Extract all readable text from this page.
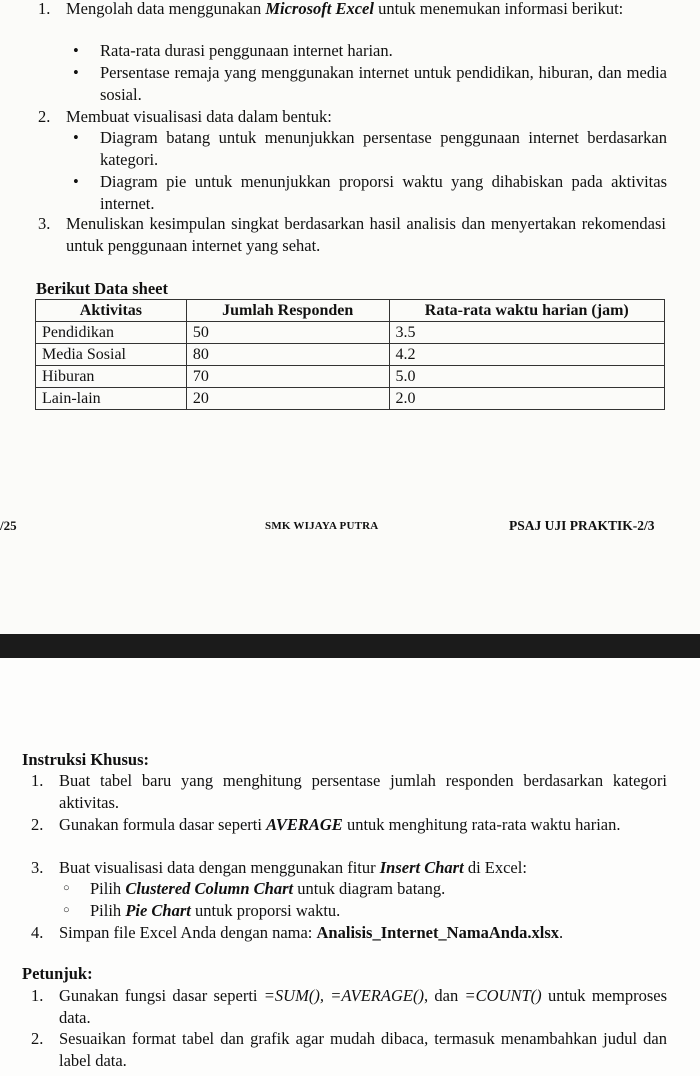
1. Mengolah data menggunakan Microsoft Excel untuk menemukan informasi berikut:
• Rata-rata durasi penggunaan internet harian.
• Persentase remaja yang menggunakan internet untuk pendidikan, hiburan, dan media sosial.
2. Membuat visualisasi data dalam bentuk:
• Diagram batang untuk menunjukkan persentase penggunaan internet berdasarkan kategori.
• Diagram pie untuk menunjukkan proporsi waktu yang dihabiskan pada aktivitas internet.
3. Menuliskan kesimpulan singkat berdasarkan hasil analisis dan menyertakan rekomendasi untuk penggunaan internet yang sehat.
Berikut Data sheet
Aktivitas	Jumlah Responden	Rata-rata waktu harian (jam)
Pendidikan	50	3.5
Media Sosial	80	4.2
Hiburan	70	5.0
Lain-lain	20	2.0
/25	SMK WIJAYA PUTRA	PSAJ UJI PRAKTIK-2/3
Instruksi Khusus:
1. Buat tabel baru yang menghitung persentase jumlah responden berdasarkan kategori aktivitas.
2. Gunakan formula dasar seperti AVERAGE untuk menghitung rata-rata waktu harian.
3. Buat visualisasi data dengan menggunakan fitur Insert Chart di Excel:
○ Pilih Clustered Column Chart untuk diagram batang.
○ Pilih Pie Chart untuk proporsi waktu.
4. Simpan file Excel Anda dengan nama: Analisis_Internet_NamaAnda.xlsx.
Petunjuk:
1. Gunakan fungsi dasar seperti =SUM(), =AVERAGE(), dan =COUNT() untuk memproses data.
2. Sesuaikan format tabel dan grafik agar mudah dibaca, termasuk menambahkan judul dan label data.
